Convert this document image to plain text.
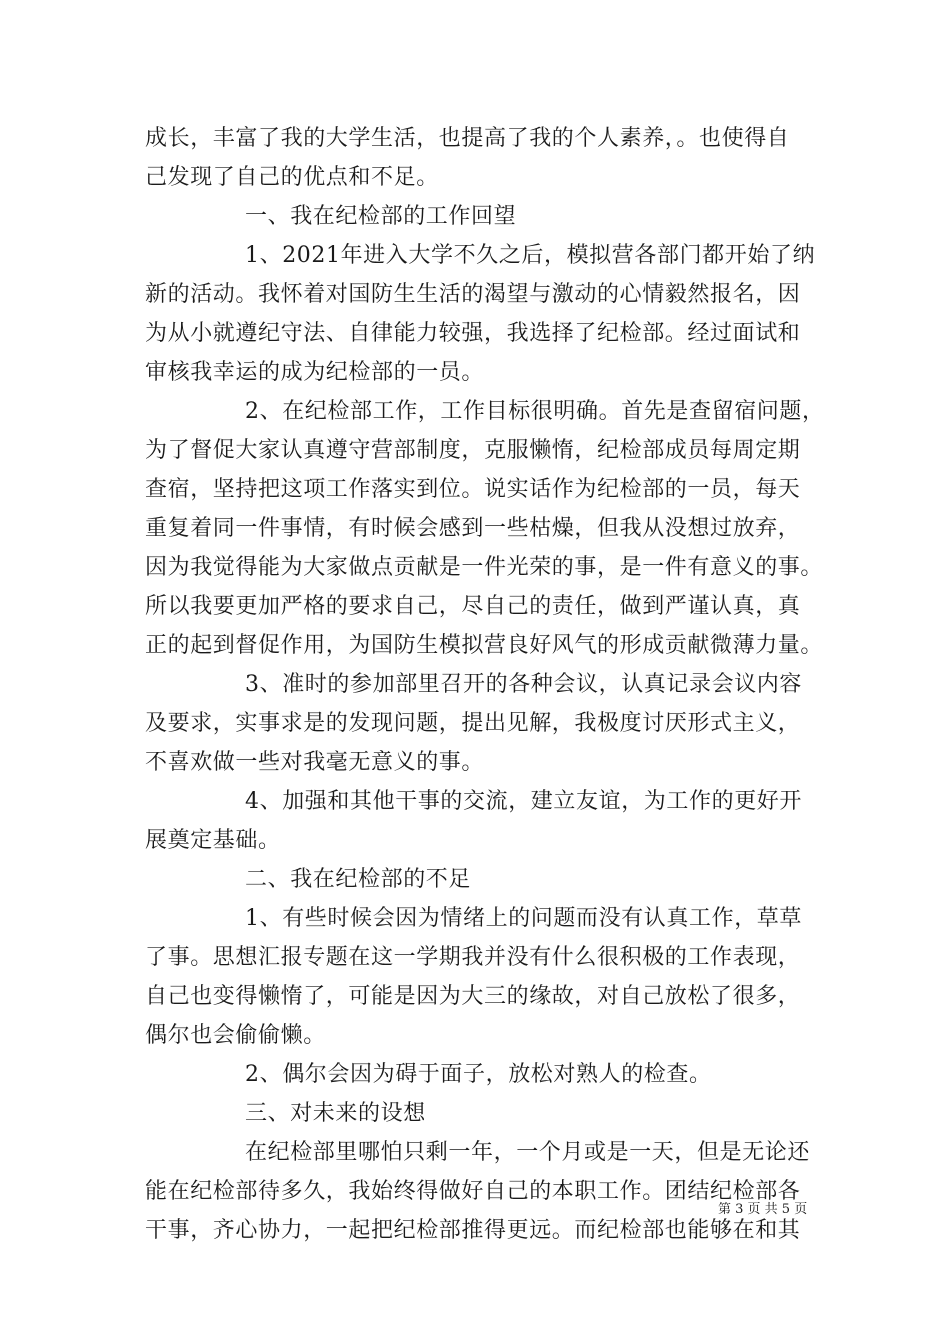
成长，丰富了我的大学生活，也提高了我的个人素养，。也使得自
己发现了自己的优点和不足。
一、我在纪检部的工作回望
1、2021年进入大学不久之后，模拟营各部门都开始了纳
新的活动。我怀着对国防生生活的渴望与激动的心情毅然报名，因
为从小就遵纪守法、自律能力较强，我选择了纪检部。经过面试和
审核我幸运的成为纪检部的一员。
2、在纪检部工作，工作目标很明确。首先是查留宿问题，
为了督促大家认真遵守营部制度，克服懒惰，纪检部成员每周定期
查宿，坚持把这项工作落实到位。说实话作为纪检部的一员，每天
重复着同一件事情，有时候会感到一些枯燥，但我从没想过放弃，
因为我觉得能为大家做点贡献是一件光荣的事，是一件有意义的事。
所以我要更加严格的要求自己，尽自己的责任，做到严谨认真，真
正的起到督促作用，为国防生模拟营良好风气的形成贡献微薄力量。
3、准时的参加部里召开的各种会议，认真记录会议内容
及要求，实事求是的发现问题，提出见解，我极度讨厌形式主义，
不喜欢做一些对我毫无意义的事。
4、加强和其他干事的交流，建立友谊，为工作的更好开
展奠定基础。
二、我在纪检部的不足
1、有些时候会因为情绪上的问题而没有认真工作，草草
了事。思想汇报专题在这一学期我并没有什么很积极的工作表现，
自己也变得懒惰了，可能是因为大三的缘故，对自己放松了很多，
偶尔也会偷偷懒。
2、偶尔会因为碍于面子，放松对熟人的检查。
三、对未来的设想
在纪检部里哪怕只剩一年，一个月或是一天，但是无论还
能在纪检部待多久，我始终得做好自己的本职工作。团结纪检部各
干事，齐心协力，一起把纪检部推得更远。而纪检部也能够在和其
第 3 页 共 5 页
